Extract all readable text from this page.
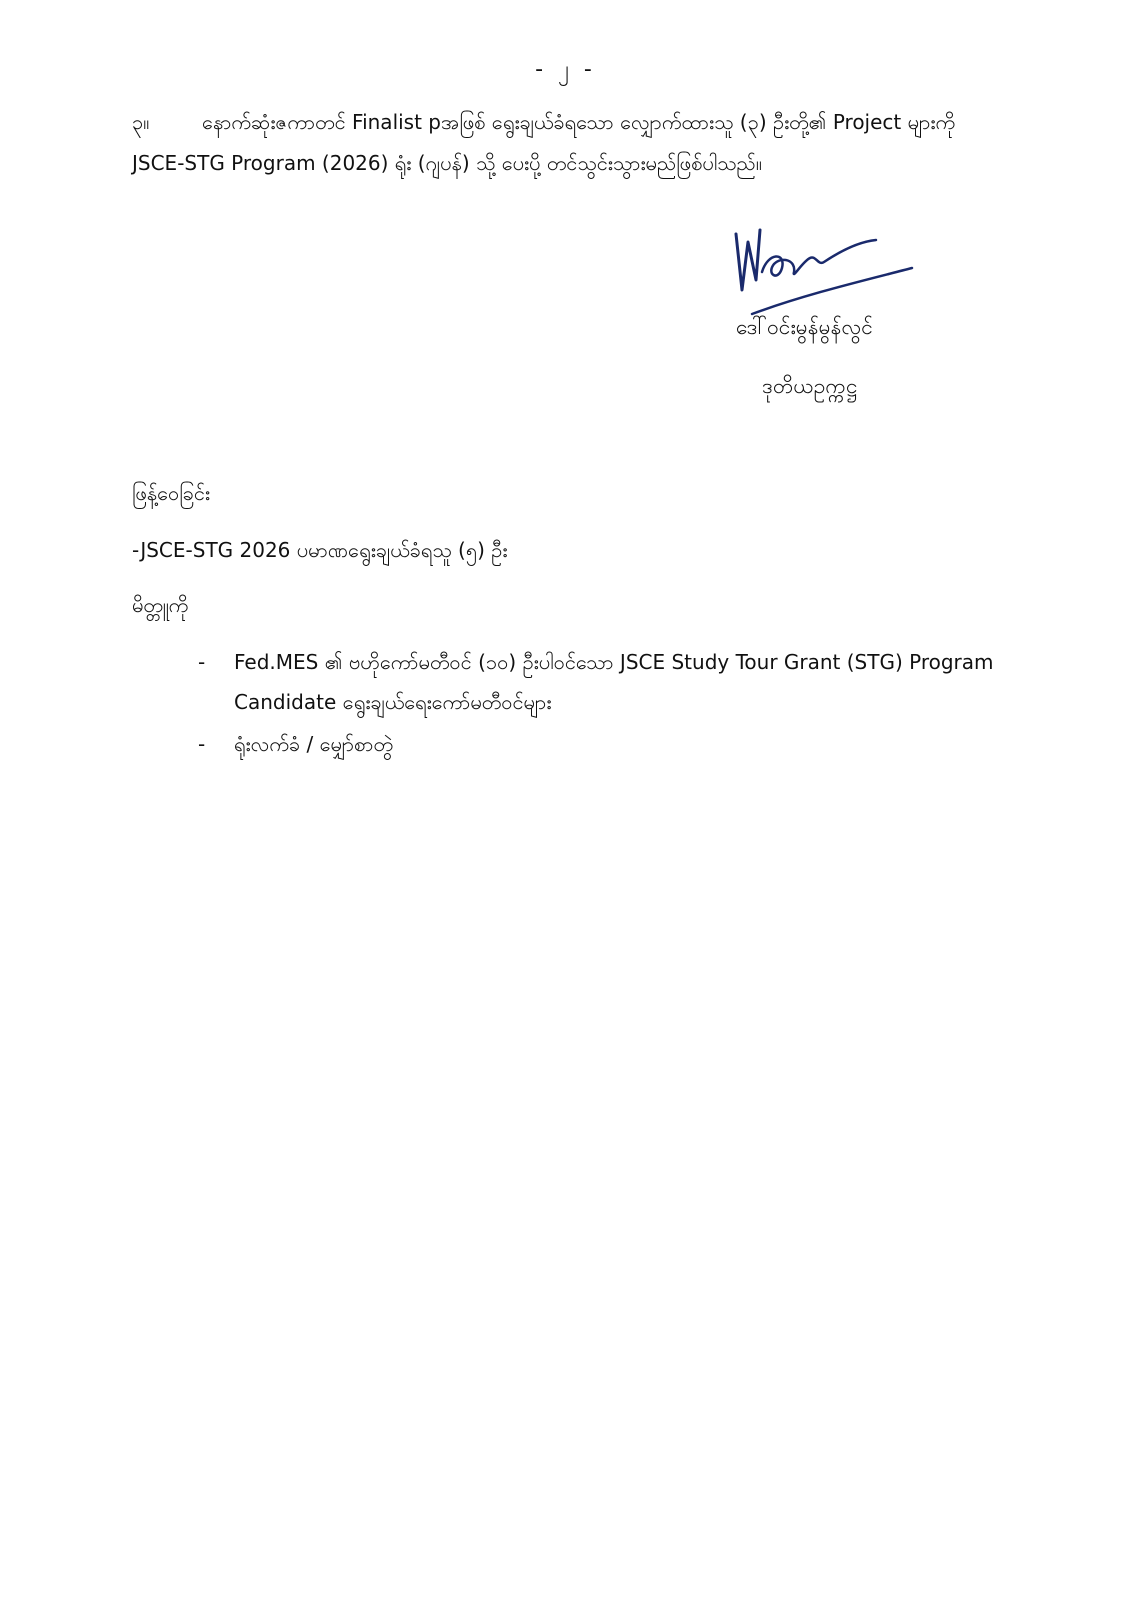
- ၂ -
၃။	နောက်ဆုံးဇကာတင် Finalist pအဖြစ် ရွေးချယ်ခံရသော လျှောက်ထားသူ (၃) ဦးတို့၏ Project များကို JSCE-STG Program (2026) ရုံး (ဂျပန်) သို့ ပေးပို့ တင်သွင်းသွားမည်ဖြစ်ပါသည်။
ဒေါ်ဝင်းမွန်မွန်လွင်
ဒုတိယဥက္ကဋ္ဌ
ဖြန့်ဝေခြင်း
-JSCE-STG 2026 ပမာဏရွေးချယ်ခံရသူ (၅) ဦး
မိတ္တူကို
- Fed.MES ၏ ဗဟိုကော်မတီဝင် (၁၀) ဦးပါဝင်သော JSCE Study Tour Grant (STG) Program Candidate ရွေးချယ်ရေးကော်မတီဝင်များ
- ရုံးလက်ခံ / မျှော်စာတွဲ
